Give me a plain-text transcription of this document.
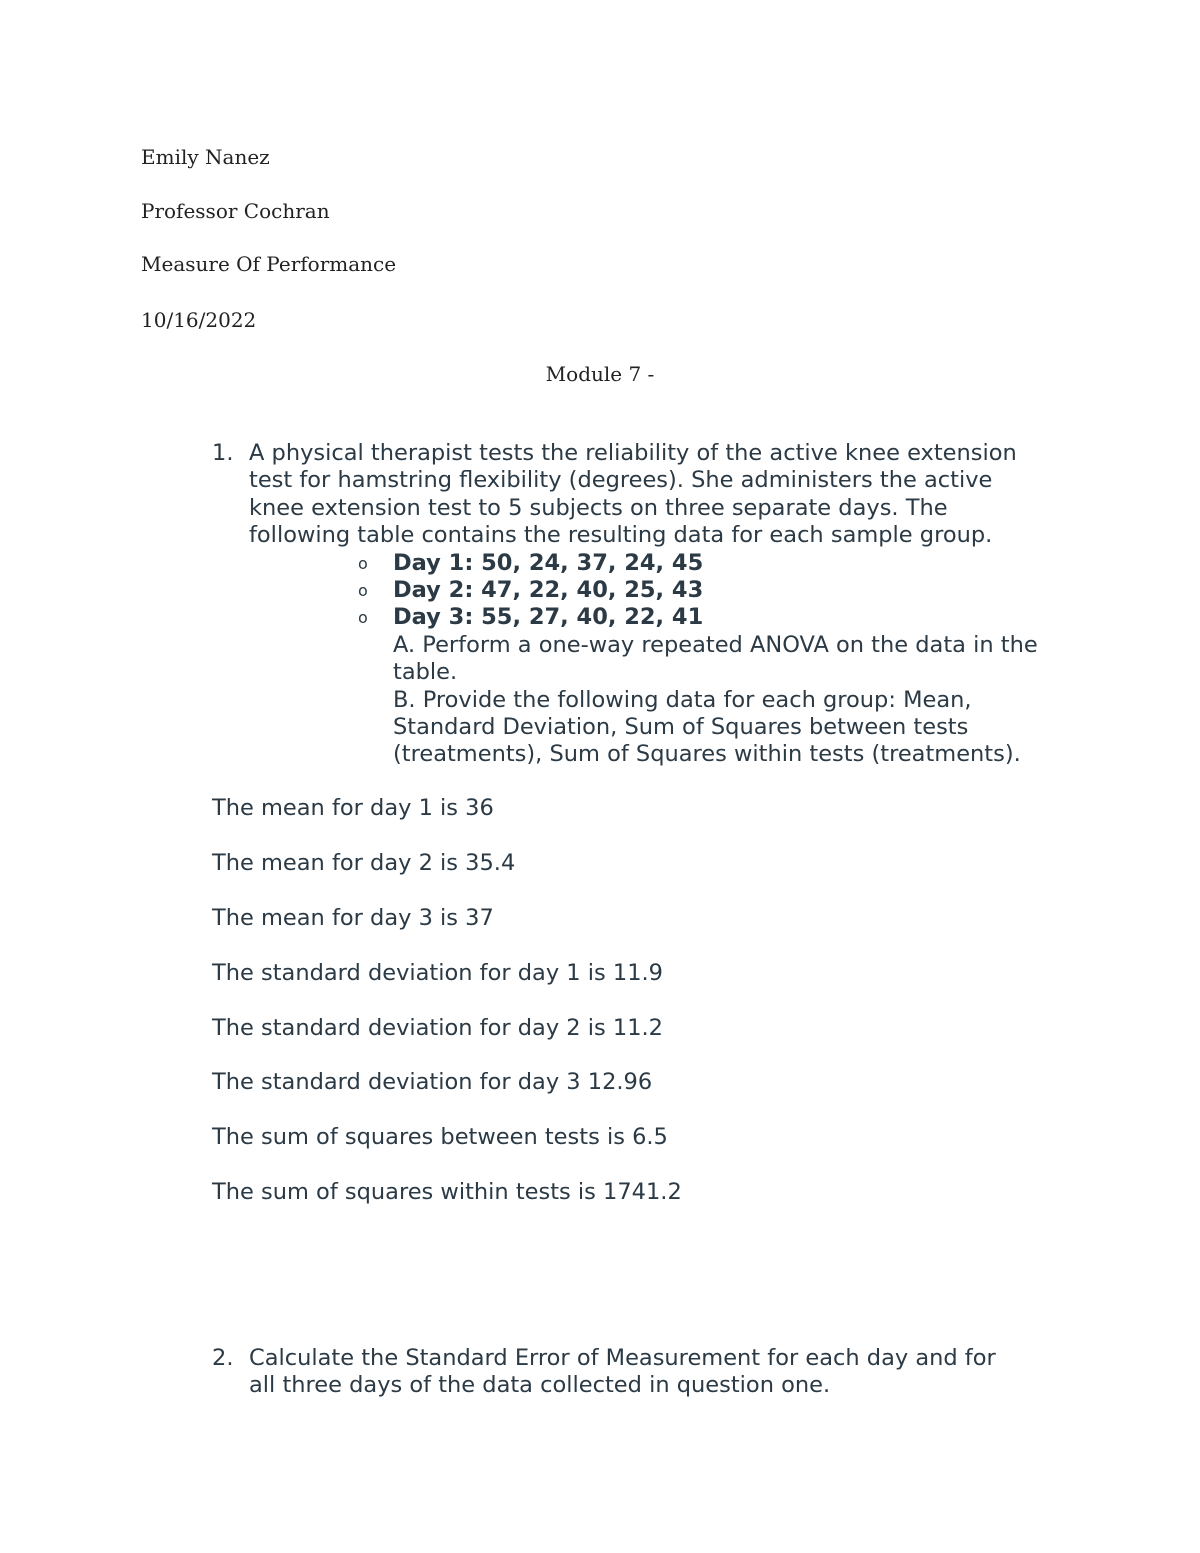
Emily Nanez
Professor Cochran
Measure Of Performance
10/16/2022
Module 7 -
1. A physical therapist tests the reliability of the active knee extension
test for hamstring flexibility (degrees). She administers the active
knee extension test to 5 subjects on three separate days. The
following table contains the resulting data for each sample group.
o Day 1: 50, 24, 37, 24, 45
o Day 2: 47, 22, 40, 25, 43
o Day 3: 55, 27, 40, 22, 41
A. Perform a one-way repeated ANOVA on the data in the
table.
B. Provide the following data for each group: Mean,
Standard Deviation, Sum of Squares between tests
(treatments), Sum of Squares within tests (treatments).
The mean for day 1 is 36
The mean for day 2 is 35.4
The mean for day 3 is 37
The standard deviation for day 1 is 11.9
The standard deviation for day 2 is 11.2
The standard deviation for day 3 12.96
The sum of squares between tests is 6.5
The sum of squares within tests is 1741.2
2. Calculate the Standard Error of Measurement for each day and for
all three days of the data collected in question one.
